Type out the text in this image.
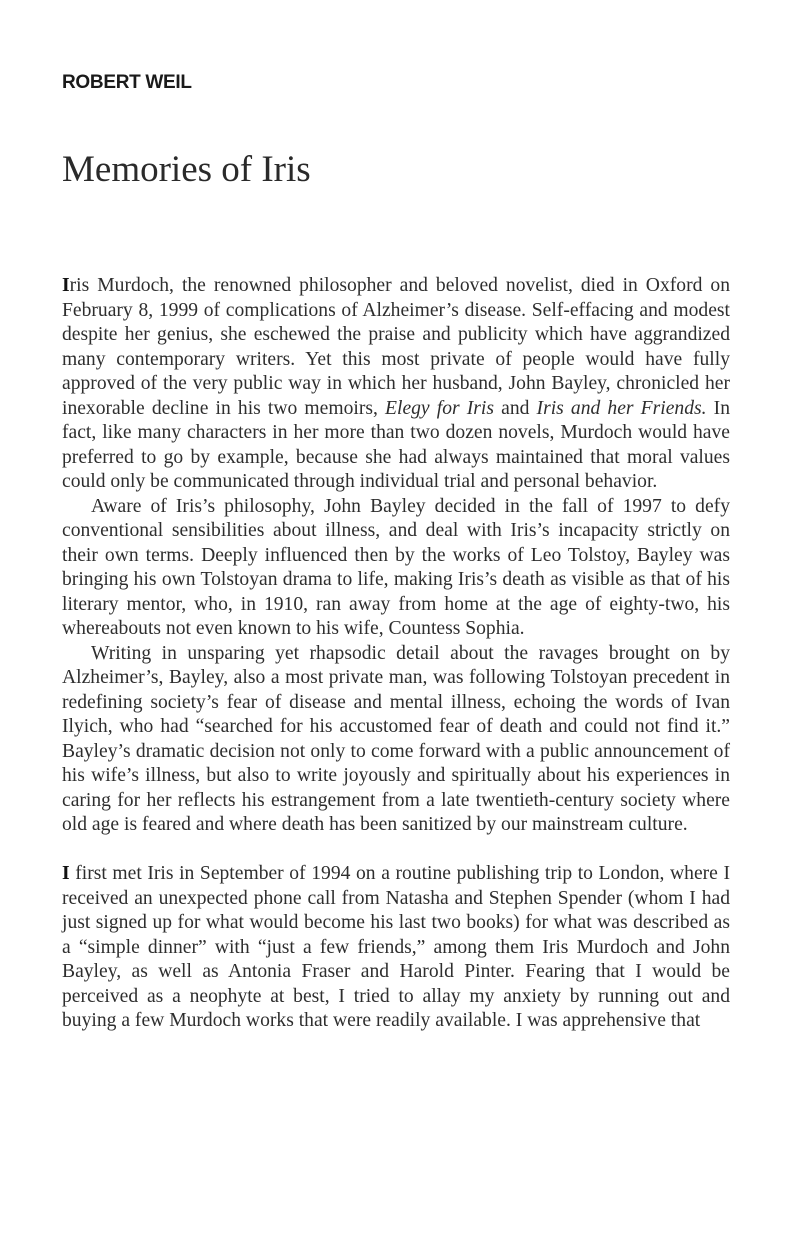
ROBERT WEIL
Memories of Iris

Iris Murdoch, the renowned philosopher and beloved novelist, died in Oxford on February 8, 1999 of complications of Alzheimer’s disease. Self-effacing and modest despite her genius, she eschewed the praise and publicity which have aggrandized many contemporary writers. Yet this most private of people would have fully approved of the very public way in which her husband, John Bayley, chronicled her inexorable decline in his two memoirs, Elegy for Iris and Iris and her Friends. In fact, like many characters in her more than two dozen novels, Murdoch would have preferred to go by example, because she had always maintained that moral values could only be communicated through individual trial and personal behavior.

Aware of Iris’s philosophy, John Bayley decided in the fall of 1997 to defy conventional sensibilities about illness, and deal with Iris’s incapacity strictly on their own terms. Deeply influenced then by the works of Leo Tolstoy, Bayley was bringing his own Tolstoyan drama to life, making Iris’s death as visible as that of his literary mentor, who, in 1910, ran away from home at the age of eighty-two, his whereabouts not even known to his wife, Countess Sophia.

Writing in unsparing yet rhapsodic detail about the ravages brought on by Alzheimer’s, Bayley, also a most private man, was following Tolstoyan precedent in redefining society’s fear of disease and mental illness, echoing the words of Ivan Ilyich, who had “searched for his accustomed fear of death and could not find it.” Bayley’s dramatic decision not only to come forward with a public announcement of his wife’s illness, but also to write joyously and spiritually about his experiences in caring for her reflects his estrangement from a late twentieth-century society where old age is feared and where death has been sanitized by our mainstream culture.

I first met Iris in September of 1994 on a routine publishing trip to London, where I received an unexpected phone call from Natasha and Stephen Spender (whom I had just signed up for what would become his last two books) for what was described as a “simple dinner” with “just a few friends,” among them Iris Murdoch and John Bayley, as well as Antonia Fraser and Harold Pinter. Fearing that I would be perceived as a neophyte at best, I tried to allay my anxiety by running out and buying a few Murdoch works that were readily available. I was apprehensive that
